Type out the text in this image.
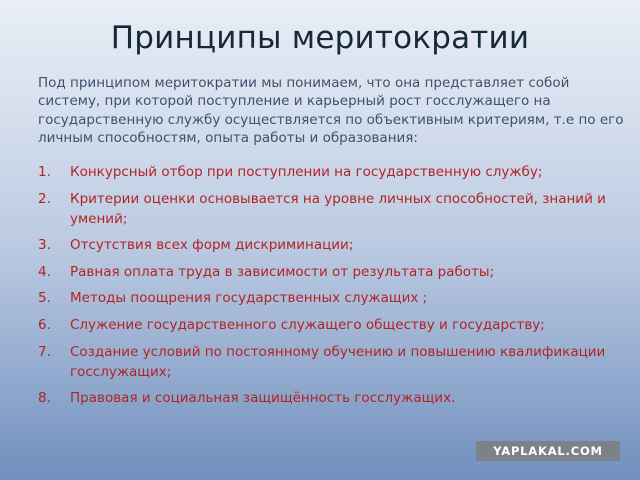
Принципы меритократии
Под принципом меритократии мы понимаем, что она представляет собой систему, при которой поступление и карьерный рост госслужащего на государственную службу осуществляется по объективным критериям, т.е по его личным способностям, опыта работы и образования:
1 .	Конкурсный отбор при поступлении на государственную службу;
2 .	Критерии оценки основывается на уровне личных способностей, знаний и умений;
3 .	Отсутствия всех форм дискриминации;
4 .	Равная оплата труда в зависимости от результата работы;
5 .	Методы поощрения государственных служащих ;
6 .	Служение государственного служащего обществу и государству;
7 .	Создание условий по постоянному обучению и повышению квалификации госслужащих;
8 .	Правовая и социальная защищённость госслужащих.
YAPLAKAL.COM
